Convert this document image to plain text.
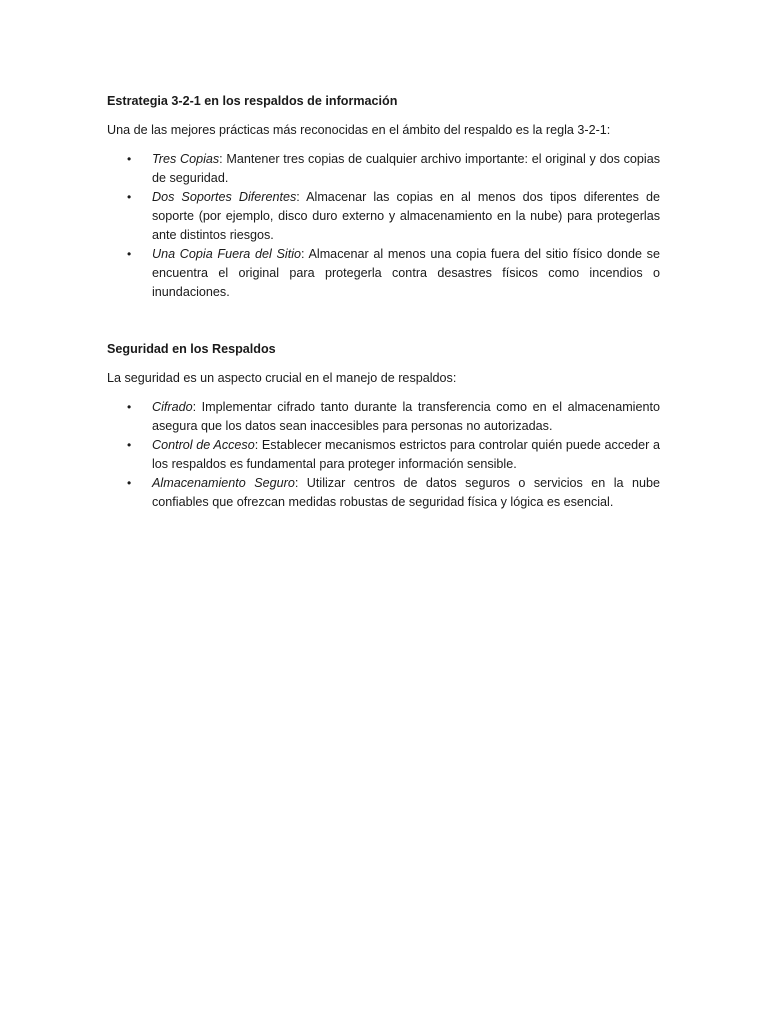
Estrategia 3-2-1 en los respaldos de información

Una de las mejores prácticas más reconocidas en el ámbito del respaldo es la regla 3-2-1:

• Tres Copias: Mantener tres copias de cualquier archivo importante: el original y dos copias de seguridad.
• Dos Soportes Diferentes: Almacenar las copias en al menos dos tipos diferentes de soporte (por ejemplo, disco duro externo y almacenamiento en la nube) para protegerlas ante distintos riesgos.
• Una Copia Fuera del Sitio: Almacenar al menos una copia fuera del sitio físico donde se encuentra el original para protegerla contra desastres físicos como incendios o inundaciones.

Seguridad en los Respaldos

La seguridad es un aspecto crucial en el manejo de respaldos:

• Cifrado: Implementar cifrado tanto durante la transferencia como en el almacenamiento asegura que los datos sean inaccesibles para personas no autorizadas.
• Control de Acceso: Establecer mecanismos estrictos para controlar quién puede acceder a los respaldos es fundamental para proteger información sensible.
• Almacenamiento Seguro: Utilizar centros de datos seguros o servicios en la nube confiables que ofrezcan medidas robustas de seguridad física y lógica es esencial.
